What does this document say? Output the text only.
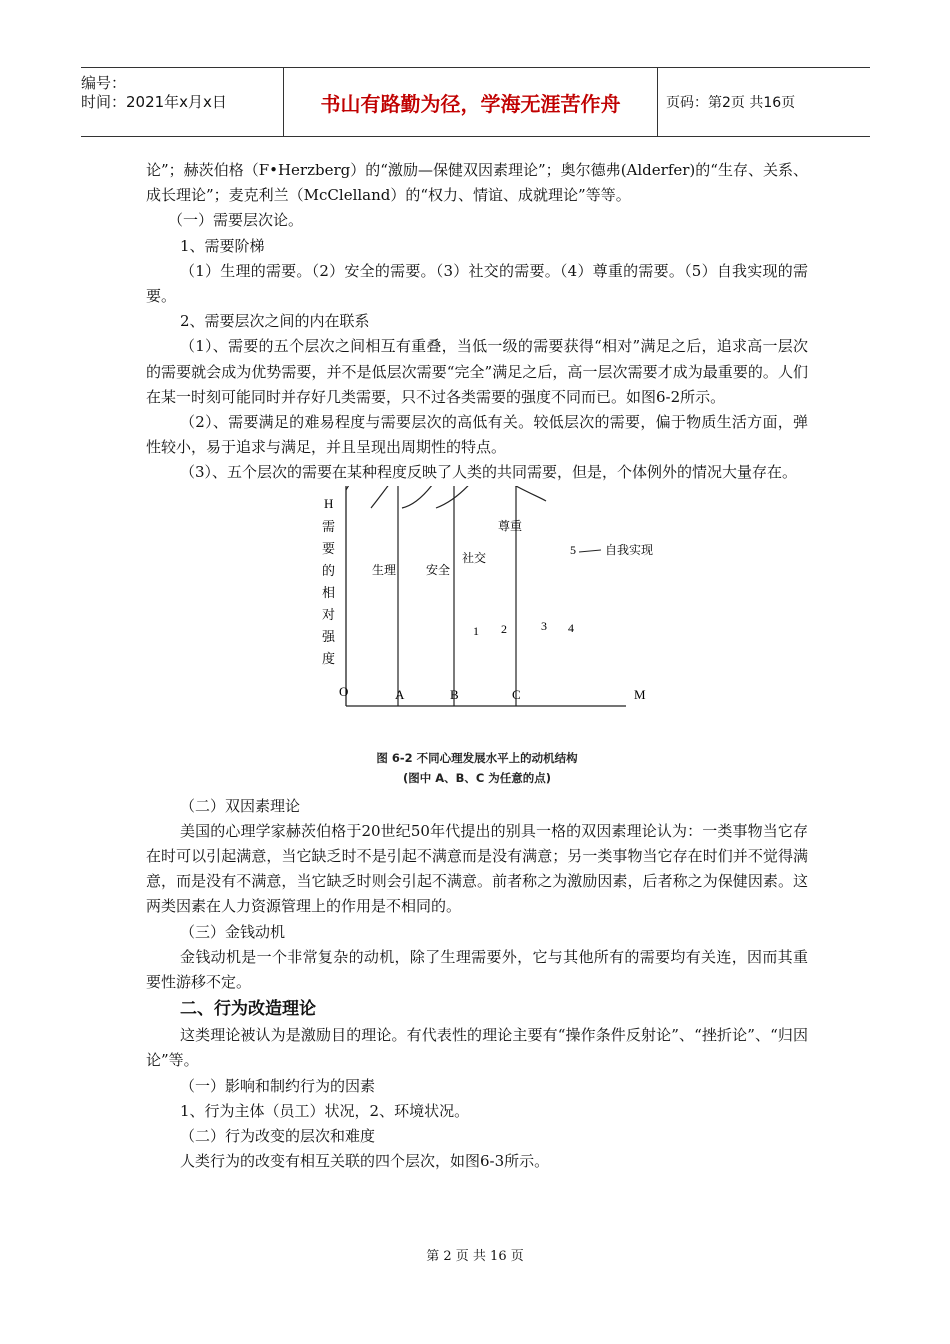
编号：
时间：2021年x月x日	书山有路勤为径，学海无涯苦作舟	页码：第2页 共16页

论”；赫茨伯格（F•Herzberg）的“激励—保健双因素理论”；奥尔德弗(Alderfer)的“生存、关系、成长理论”；麦克利兰（McClelland）的“权力、情谊、成就理论”等等。

（一）需要层次论。

1、需要阶梯

（1）生理的需要。（2）安全的需要。（3）社交的需要。（4）尊重的需要。（5）自我实现的需要。

2、需要层次之间的内在联系

（1）、需要的五个层次之间相互有重叠，当低一级的需要获得“相对”满足之后，追求高一层次的需要就会成为优势需要，并不是低层次需要“完全”满足之后，高一层次需要才成为最重要的。人们在某一时刻可能同时并存好几类需要，只不过各类需要的强度不同而已。如图6-2所示。

（2）、需要满足的难易程度与需要层次的高低有关。较低层次的需要，偏于物质生活方面，弹性较小，易于追求与满足，并且呈现出周期性的特点。

（3）、五个层次的需要在某种程度反映了人类的共同需要，但是，个体例外的情况大量存在。

H
需
要
的
相
对
强
度
O	M
A	B	C
生理 安全
社交
尊重
自我实现
1 2	3 4
5
图 6-2 不同心理发展水平上的动机结构
(图中 A、B、C 为任意的点)

（二）双因素理论

美国的心理学家赫茨伯格于20世纪50年代提出的别具一格的双因素理论认为：一类事物当它存在时可以引起满意，当它缺乏时不是引起不满意而是没有满意；另一类事物当它存在时们并不觉得满意，而是没有不满意，当它缺乏时则会引起不满意。前者称之为激励因素，后者称之为保健因素。这两类因素在人力资源管理上的作用是不相同的。

（三）金钱动机

金钱动机是一个非常复杂的动机，除了生理需要外，它与其他所有的需要均有关连，因而其重要性游移不定。

二、行为改造理论

这类理论被认为是激励目的理论。有代表性的理论主要有“操作条件反射论”、“挫折论”、“归因论”等。

（一）影响和制约行为的因素

1、行为主体（员工）状况，2、环境状况。

（二）行为改变的层次和难度

人类行为的改变有相互关联的四个层次，如图6-3所示。

第 2 页 共 16 页
